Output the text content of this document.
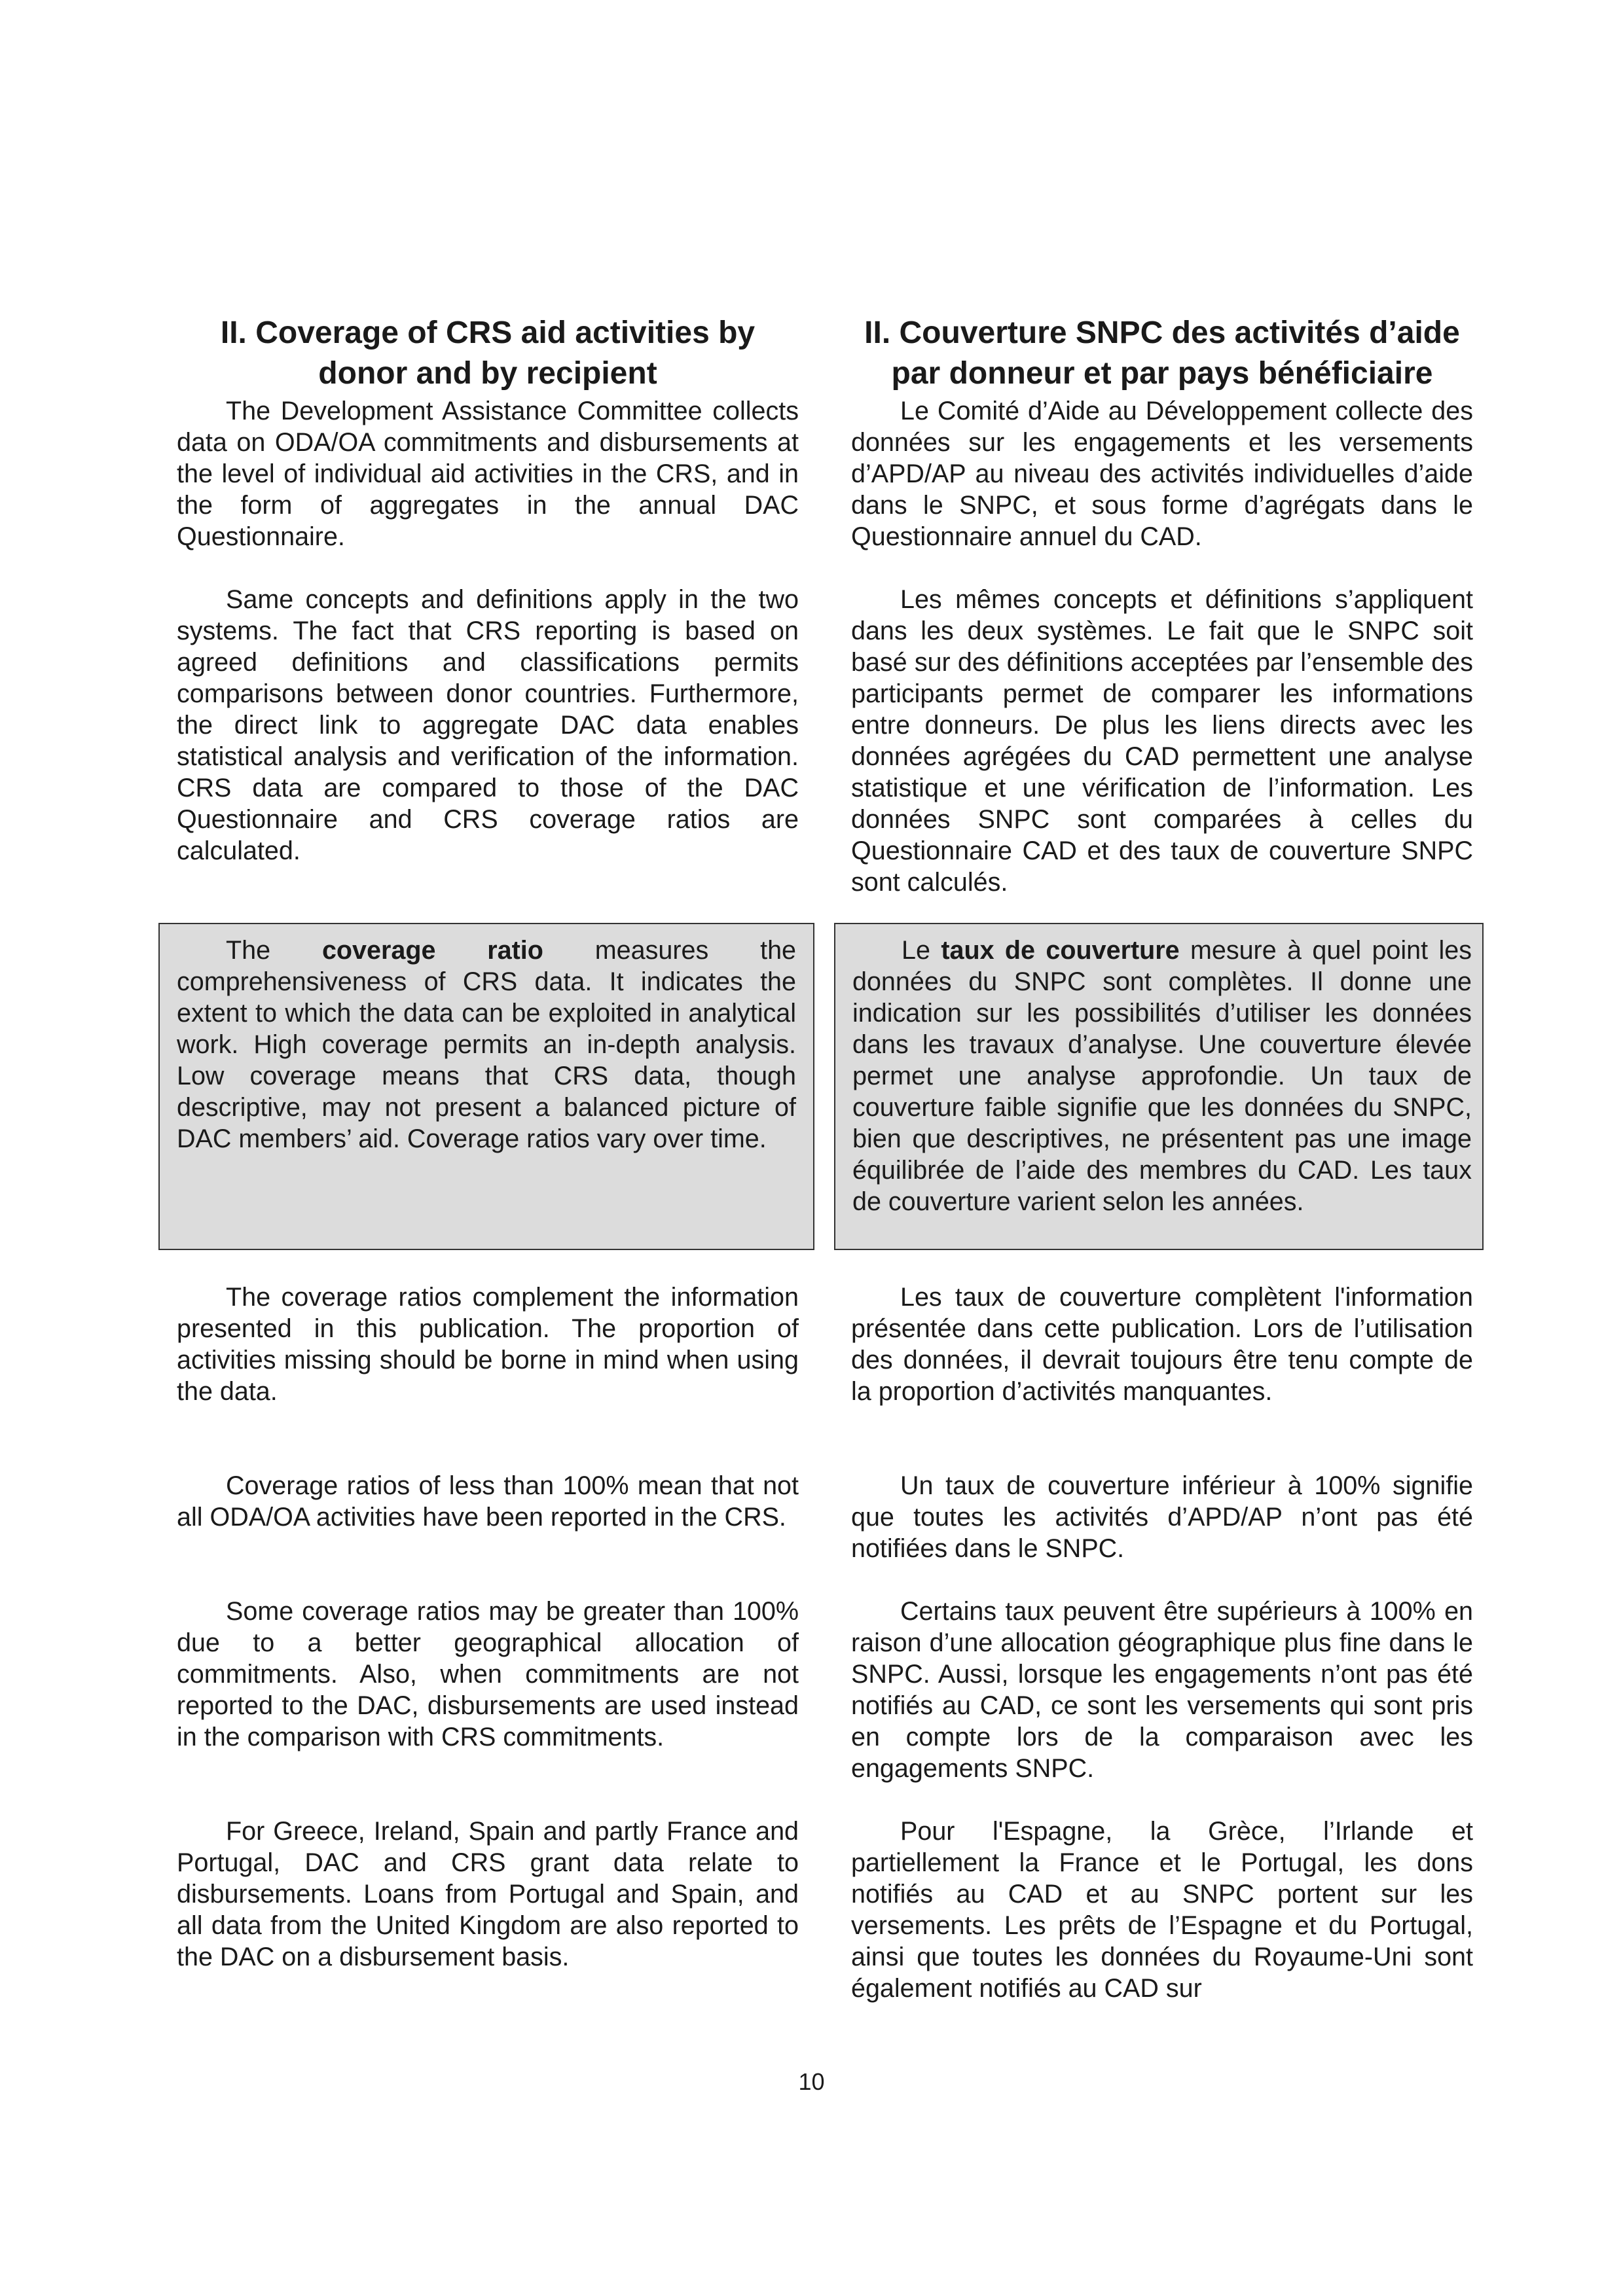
II. Coverage of CRS aid activities by donor and by recipient

The Development Assistance Committee collects data on ODA/OA commitments and disbursements at the level of individual aid activities in the CRS, and in the form of aggregates in the annual DAC Questionnaire.

Same concepts and definitions apply in the two systems. The fact that CRS reporting is based on agreed definitions and classifications permits comparisons between donor countries. Furthermore, the direct link to aggregate DAC data enables statistical analysis and verification of the information. CRS data are compared to those of the DAC Questionnaire and CRS coverage ratios are calculated.

The coverage ratio measures the comprehensiveness of CRS data. It indicates the extent to which the data can be exploited in analytical work. High coverage permits an in-depth analysis. Low coverage means that CRS data, though descriptive, may not present a balanced picture of DAC members’ aid. Coverage ratios vary over time.

The coverage ratios complement the information presented in this publication. The proportion of activities missing should be borne in mind when using the data.

Coverage ratios of less than 100% mean that not all ODA/OA activities have been reported in the CRS.

Some coverage ratios may be greater than 100% due to a better geographical allocation of commitments. Also, when commitments are not reported to the DAC, disbursements are used instead in the comparison with CRS commitments.

For Greece, Ireland, Spain and partly France and Portugal, DAC and CRS grant data relate to disbursements. Loans from Portugal and Spain, and all data from the United Kingdom are also reported to the DAC on a disbursement basis.

II. Couverture SNPC des activités d’aide par donneur et par pays bénéficiaire

Le Comité d’Aide au Développement collecte des données sur les engagements et les versements d’APD/AP au niveau des activités individuelles d’aide dans le SNPC, et sous forme d’agrégats dans le Questionnaire annuel du CAD.

Les mêmes concepts et définitions s’appliquent dans les deux systèmes. Le fait que le SNPC soit basé sur des définitions acceptées par l’ensemble des participants permet de comparer les informations entre donneurs. De plus les liens directs avec les données agrégées du CAD permettent une analyse statistique et une vérification de l’information. Les données SNPC sont comparées à celles du Questionnaire CAD et des taux de couverture SNPC sont calculés.

Le taux de couverture mesure à quel point les données du SNPC sont complètes. Il donne une indication sur les possibilités d’utiliser les données dans les travaux d’analyse. Une couverture élevée permet une analyse approfondie. Un taux de couverture faible signifie que les données du SNPC, bien que descriptives, ne présentent pas une image équilibrée de l’aide des membres du CAD. Les taux de couverture varient selon les années.

Les taux de couverture complètent l'information présentée dans cette publication. Lors de l’utilisation des données, il devrait toujours être tenu compte de la proportion d’activités manquantes.

Un taux de couverture inférieur à 100% signifie que toutes les activités d’APD/AP n’ont pas été notifiées dans le SNPC.

Certains taux peuvent être supérieurs à 100% en raison d’une allocation géographique plus fine dans le SNPC. Aussi, lorsque les engagements n’ont pas été notifiés au CAD, ce sont les versements qui sont pris en compte lors de la comparaison avec les engagements SNPC.

Pour l'Espagne, la Grèce, l’Irlande et partiellement la France et le Portugal, les dons notifiés au CAD et au SNPC portent sur les versements. Les prêts de l’Espagne et du Portugal, ainsi que toutes les données du Royaume-Uni sont également notifiés au CAD sur

10
